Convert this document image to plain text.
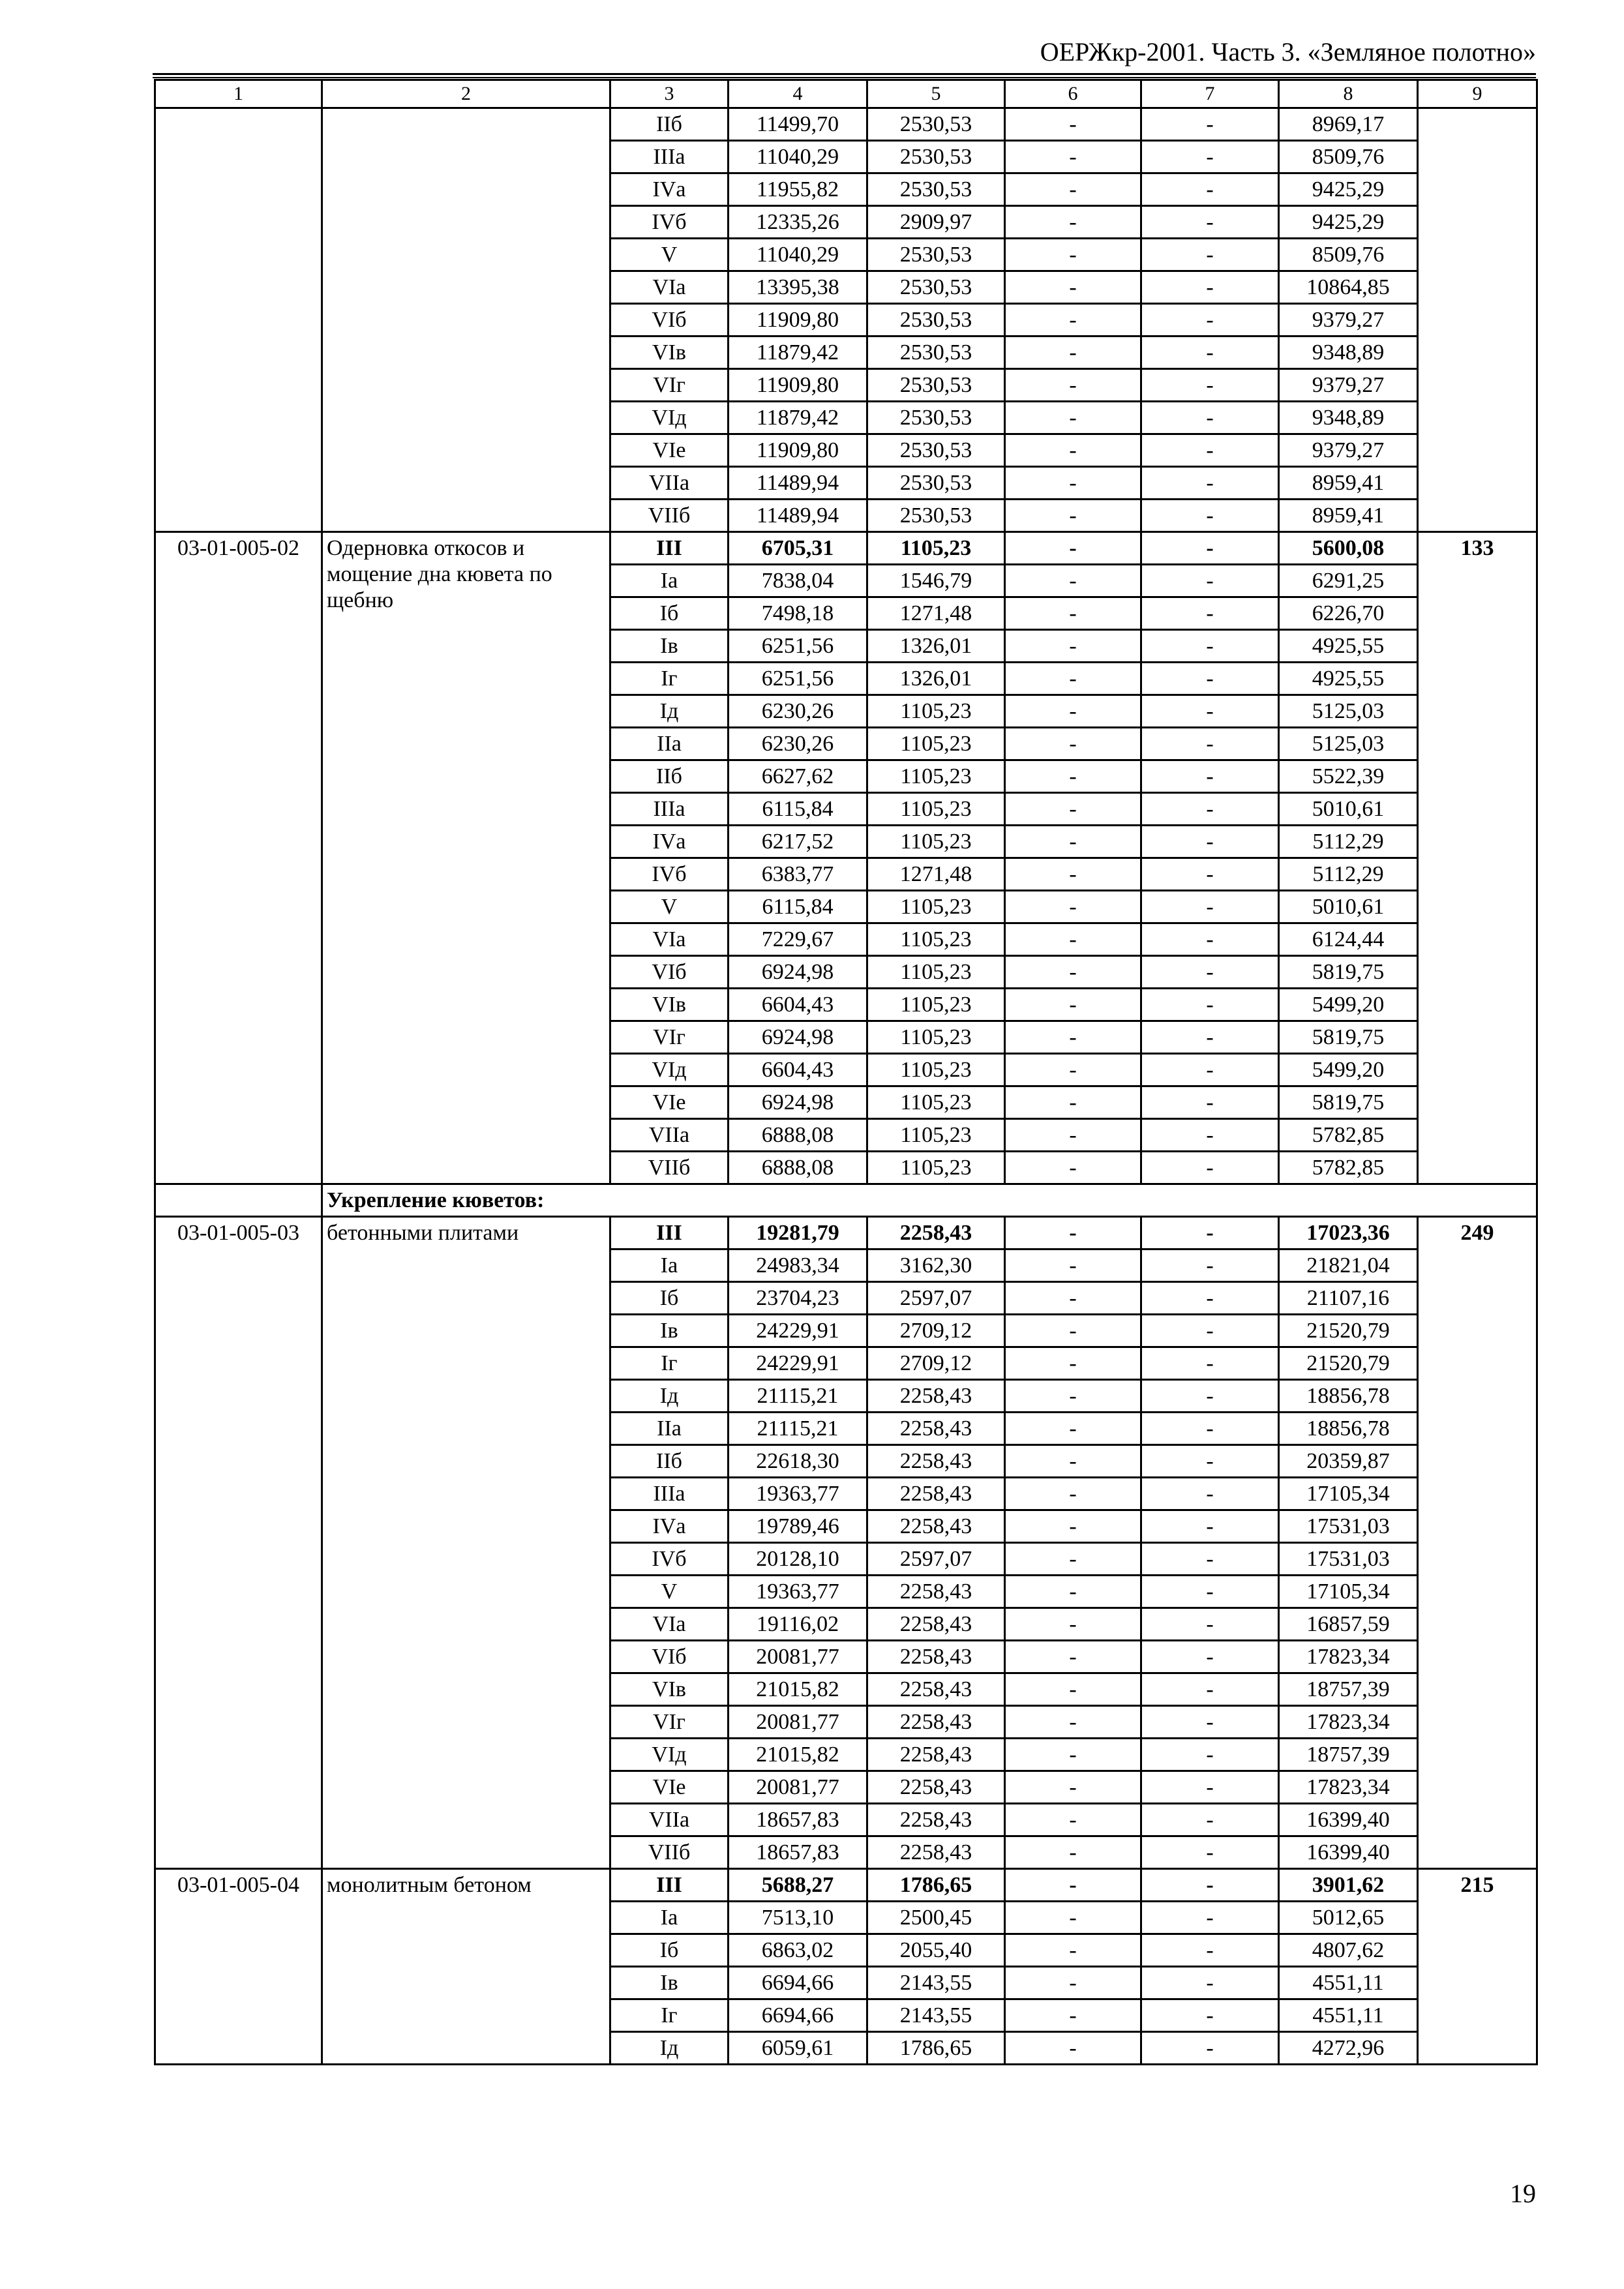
ОЕРЖкр-2001. Часть 3. «Земляное полотно»
1	2	3	4	5	6	7	8	9
		IIб	11499,70	2530,53	-	-	8969,17	
		IIIа	11040,29	2530,53	-	-	8509,76	
		IVа	11955,82	2530,53	-	-	9425,29	
		IVб	12335,26	2909,97	-	-	9425,29	
		V	11040,29	2530,53	-	-	8509,76	
		VIа	13395,38	2530,53	-	-	10864,85	
		VIб	11909,80	2530,53	-	-	9379,27	
		VIв	11879,42	2530,53	-	-	9348,89	
		VIг	11909,80	2530,53	-	-	9379,27	
		VIд	11879,42	2530,53	-	-	9348,89	
		VIе	11909,80	2530,53	-	-	9379,27	
		VIIа	11489,94	2530,53	-	-	8959,41	
		VIIб	11489,94	2530,53	-	-	8959,41	
03-01-005-02	Одерновка откосов и мощение дна кювета по щебню	III	6705,31	1105,23	-	-	5600,08	133
		Iа	7838,04	1546,79	-	-	6291,25	
		Iб	7498,18	1271,48	-	-	6226,70	
		Iв	6251,56	1326,01	-	-	4925,55	
		Iг	6251,56	1326,01	-	-	4925,55	
		Iд	6230,26	1105,23	-	-	5125,03	
		IIа	6230,26	1105,23	-	-	5125,03	
		IIб	6627,62	1105,23	-	-	5522,39	
		IIIа	6115,84	1105,23	-	-	5010,61	
		IVа	6217,52	1105,23	-	-	5112,29	
		IVб	6383,77	1271,48	-	-	5112,29	
		V	6115,84	1105,23	-	-	5010,61	
		VIа	7229,67	1105,23	-	-	6124,44	
		VIб	6924,98	1105,23	-	-	5819,75	
		VIв	6604,43	1105,23	-	-	5499,20	
		VIг	6924,98	1105,23	-	-	5819,75	
		VIд	6604,43	1105,23	-	-	5499,20	
		VIе	6924,98	1105,23	-	-	5819,75	
		VIIа	6888,08	1105,23	-	-	5782,85	
		VIIб	6888,08	1105,23	-	-	5782,85	
	Укрепление кюветов:							
03-01-005-03	бетонными плитами	III	19281,79	2258,43	-	-	17023,36	249
		Iа	24983,34	3162,30	-	-	21821,04	
		Iб	23704,23	2597,07	-	-	21107,16	
		Iв	24229,91	2709,12	-	-	21520,79	
		Iг	24229,91	2709,12	-	-	21520,79	
		Iд	21115,21	2258,43	-	-	18856,78	
		IIа	21115,21	2258,43	-	-	18856,78	
		IIб	22618,30	2258,43	-	-	20359,87	
		IIIа	19363,77	2258,43	-	-	17105,34	
		IVа	19789,46	2258,43	-	-	17531,03	
		IVб	20128,10	2597,07	-	-	17531,03	
		V	19363,77	2258,43	-	-	17105,34	
		VIа	19116,02	2258,43	-	-	16857,59	
		VIб	20081,77	2258,43	-	-	17823,34	
		VIв	21015,82	2258,43	-	-	18757,39	
		VIг	20081,77	2258,43	-	-	17823,34	
		VIд	21015,82	2258,43	-	-	18757,39	
		VIе	20081,77	2258,43	-	-	17823,34	
		VIIа	18657,83	2258,43	-	-	16399,40	
		VIIб	18657,83	2258,43	-	-	16399,40	
03-01-005-04	монолитным бетоном	III	5688,27	1786,65	-	-	3901,62	215
		Iа	7513,10	2500,45	-	-	5012,65	
		Iб	6863,02	2055,40	-	-	4807,62	
		Iв	6694,66	2143,55	-	-	4551,11	
		Iг	6694,66	2143,55	-	-	4551,11	
		Iд	6059,61	1786,65	-	-	4272,96	
19
